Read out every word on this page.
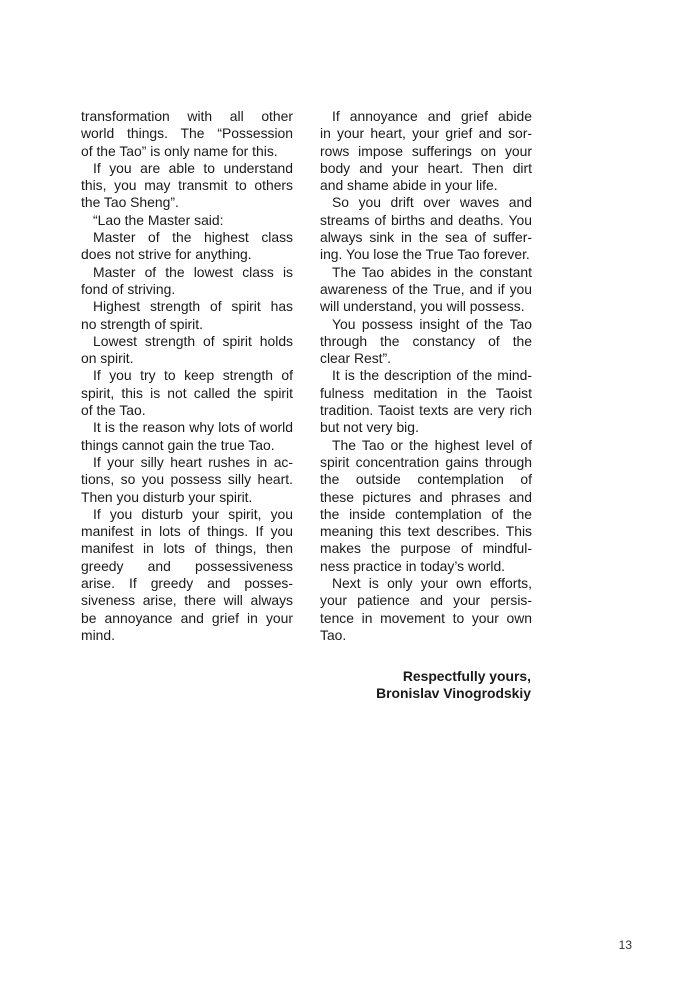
transformation with all other
world things. The “Possession
of the Tao” is only name for this.
If you are able to understand
this, you may transmit to others
the Tao Sheng”.
“Lao the Master said:
Master of the highest class
does not strive for anything.
Master of the lowest class is
fond of striving.
Highest strength of spirit has
no strength of spirit.
Lowest strength of spirit holds
on spirit.
If you try to keep strength of
spirit, this is not called the spirit
of the Tao.
It is the reason why lots of world
things cannot gain the true Tao.
If your silly heart rushes in ac-
tions, so you possess silly heart.
Then you disturb your spirit.
If you disturb your spirit, you
manifest in lots of things. If you
manifest in lots of things, then
greedy and possessiveness
arise. If greedy and posses-
siveness arise, there will always
be annoyance and grief in your
mind.
If annoyance and grief abide
in your heart, your grief and sor-
rows impose sufferings on your
body and your heart. Then dirt
and shame abide in your life.
So you drift over waves and
streams of births and deaths. You
always sink in the sea of suffer-
ing. You lose the True Tao forever.
The Tao abides in the constant
awareness of the True, and if you
will understand, you will possess.
You possess insight of the Tao
through the constancy of the
clear Rest”.
It is the description of the mind-
fulness meditation in the Taoist
tradition. Taoist texts are very rich
but not very big.
The Tao or the highest level of
spirit concentration gains through
the outside contemplation of
these pictures and phrases and
the inside contemplation of the
meaning this text describes. This
makes the purpose of mindful-
ness practice in today’s world.
Next is only your own efforts,
your patience and your persis-
tence in movement to your own
Tao.
Respectfully yours,
Bronislav Vinogrodskiy
13
